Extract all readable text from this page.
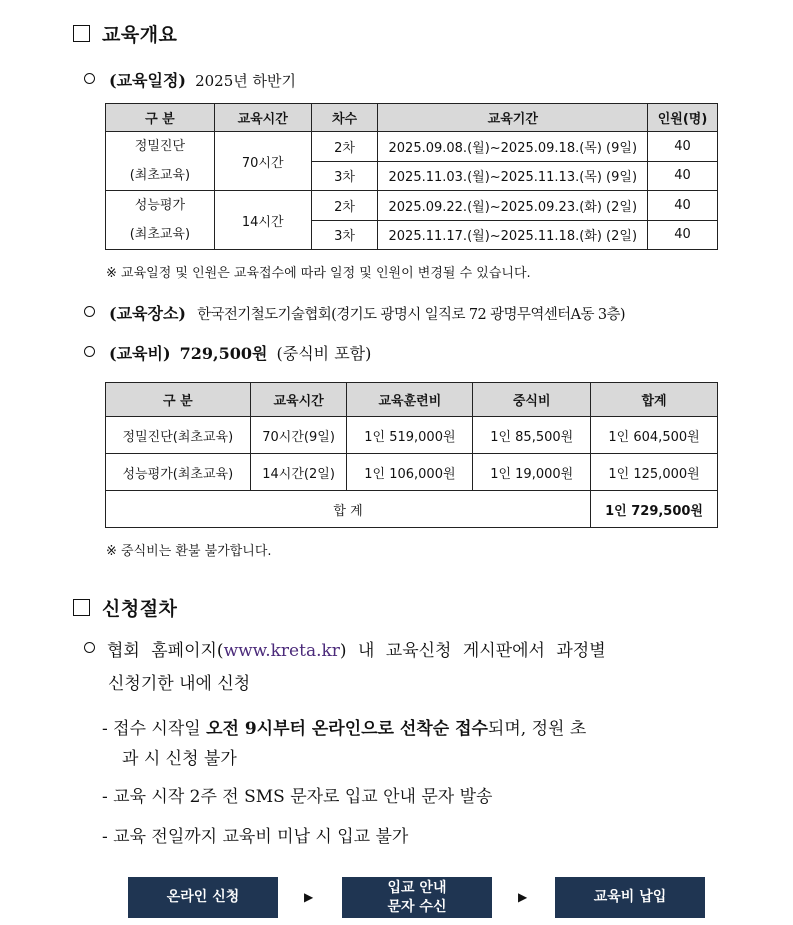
교육개요
(교육일정) 2025년 하반기
구 분	교육시간	차수	교육기간	인원(명)

정밀진단
(최초교육)	70시간	2차	2025.09.08.(월)~2025.09.18.(목) (9일)	40
		3차	2025.11.03.(월)~2025.11.13.(목) (9일)	40

성능평가
(최초교육)	14시간	2차	2025.09.22.(월)~2025.09.23.(화) (2일)	40
		3차	2025.11.17.(월)~2025.11.18.(화) (2일)	40
※ 교육일정 및 인원은 교육접수에 따라 일정 및 인원이 변경될 수 있습니다.
(교육장소) 한국전기철도기술협회(경기도 광명시 일직로 72 광명무역센터A동 3층)
(교육비) 729,500원 (중식비 포함)
구 분	교육시간	교육훈련비	중식비	합계
정밀진단(최초교육)	70시간(9일)	1인 519,000원	1인 85,500원	1인 604,500원
성능평가(최초교육)	14시간(2일)	1인 106,000원	1인 19,000원	1인 125,000원
합 계				1인 729,500원
※ 중식비는 환불 불가합니다.
신청절차
협회 홈페이지(www.kreta.kr) 내 교육신청 게시판에서 과정별
신청기한 내에 신청
- 접수 시작일 오전 9시부터 온라인으로 선착순 접수되며, 정원 초
과 시 신청 불가
- 교육 시작 2주 전 SMS 문자로 입교 안내 문자 발송
- 교육 전일까지 교육비 미납 시 입교 불가
온라인 신청	▶
입교 안내
문자 수신
▶	교육비 납입
